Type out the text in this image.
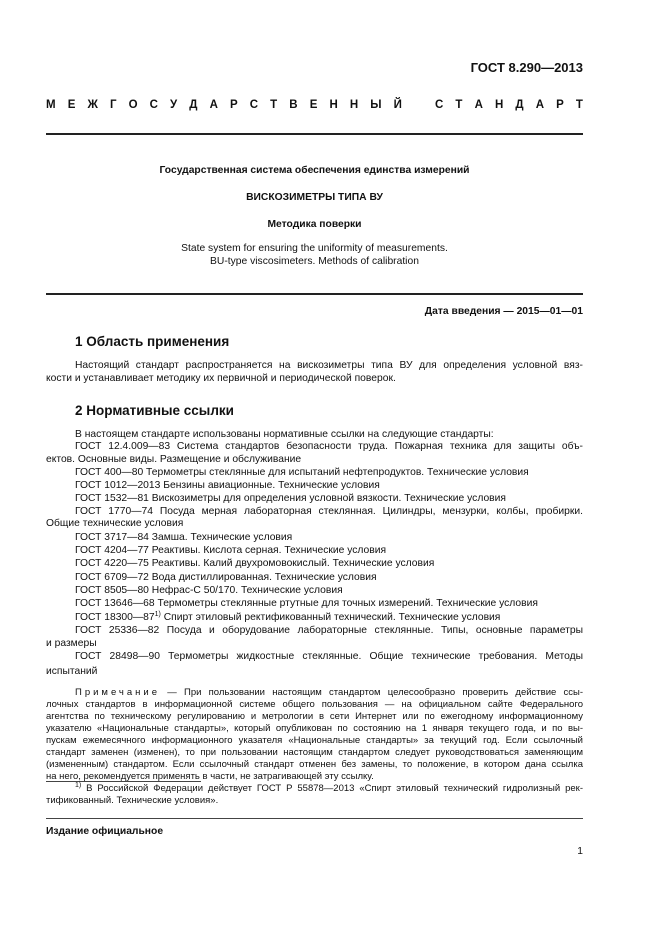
ГОСТ 8.290—2013
М Е Ж Г О С У Д А Р С Т В Е Н Н Ы Й	С Т А Н Д А Р Т
Государственная система обеспечения единства измерений
ВИСКОЗИМЕТРЫ ТИПА ВУ
Методика поверки
State system for ensuring the uniformity of measurements.
BU-type viscosimeters. Methods of calibration
Дата введения — 2015—01—01
1 Область применения
Настоящий стандарт распространяется на вискозиметры типа ВУ для определения условной вяз-
кости и устанавливает методику их первичной и периодической поверок.
2 Нормативные ссылки
В настоящем стандарте использованы нормативные ссылки на следующие стандарты:
ГОСТ 12.4.009—83 Система стандартов безопасности труда. Пожарная техника для защиты объ-
ектов. Основные виды. Размещение и обслуживание
ГОСТ 400—80 Термометры стеклянные для испытаний нефтепродуктов. Технические условия
ГОСТ 1012—2013 Бензины авиационные. Технические условия
ГОСТ 1532—81 Вискозиметры для определения условной вязкости. Технические условия
ГОСТ 1770—74 Посуда мерная лабораторная стеклянная. Цилиндры, мензурки, колбы, пробирки.
Общие технические условия
ГОСТ 3717—84 Замша. Технические условия
ГОСТ 4204—77 Реактивы. Кислота серная. Технические условия
ГОСТ 4220—75 Реактивы. Калий двухромовокислый. Технические условия
ГОСТ 6709—72 Вода дистиллированная. Технические условия
ГОСТ 8505—80 Нефрас-С 50/170. Технические условия
ГОСТ 13646—68 Термометры стеклянные ртутные для точных измерений. Технические условия
ГОСТ 18300—87$^{1)}$ Спирт этиловый ректификованный технический. Технические условия
ГОСТ 25336—82 Посуда и оборудование лабораторные стеклянные. Типы, основные параметры
и размеры
ГОСТ 28498—90 Термометры жидкостные стеклянные. Общие технические требования. Методы
испытаний
Примечание — При пользовании настоящим стандартом целесообразно проверить действие ссы-
лочных стандартов в информационной системе общего пользования — на официальном сайте Федерального
агентства по техническому регулированию и метрологии в сети Интернет или по ежегодному информационному
указателю «Национальные стандарты», который опубликован по состоянию на 1 января текущего года, и по вы-
пускам ежемесячного информационного указателя «Национальные стандарты» за текущий год. Если ссылочный
стандарт заменен (изменен), то при пользовании настоящим стандартом следует руководствоваться заменяющим
(измененным) стандартом. Если ссылочный стандарт отменен без замены, то положение, в котором дана ссылка
на него, рекомендуется применять в части, не затрагивающей эту ссылку.
$^{1)}$ В Российской Федерации действует ГОСТ Р 55878—2013 «Спирт этиловый технический гидролизный рек-
тификованный. Технические условия».
Издание официальное
1
